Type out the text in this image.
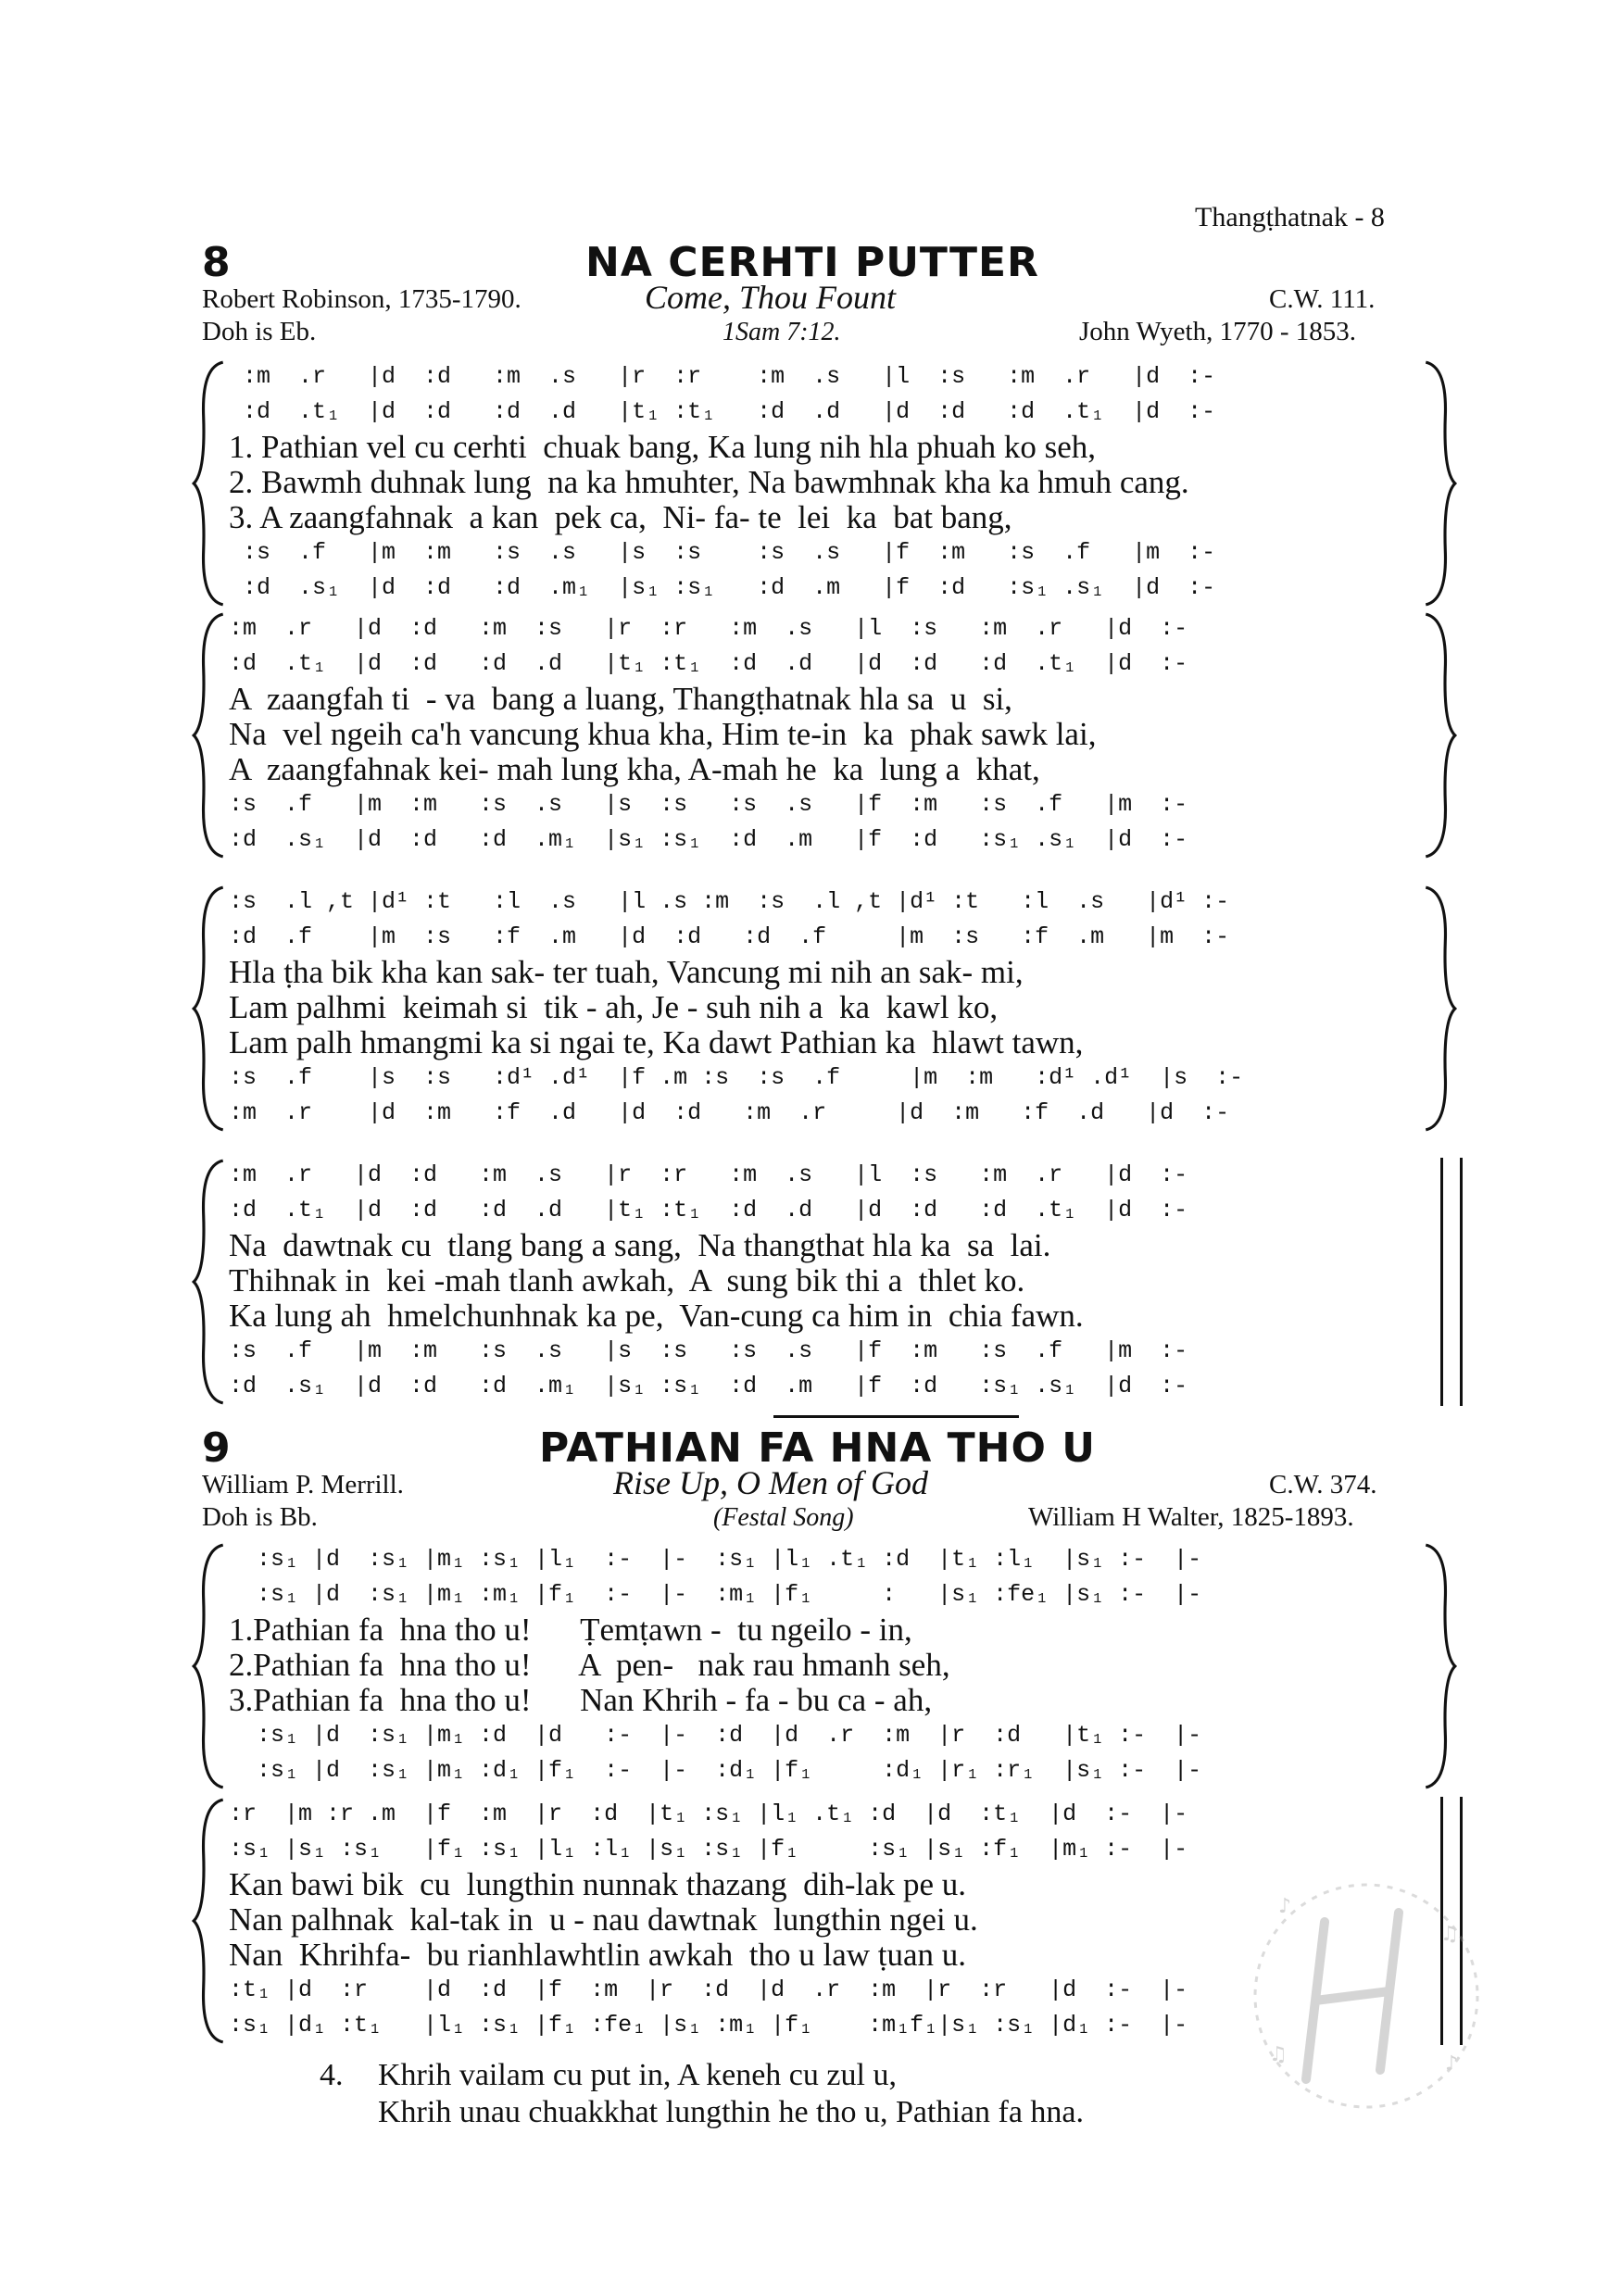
Thangṭhatnak - 8
8	NA CERHTI PUTTER
Robert Robinson, 1735-1790.	Come, Thou Fount	C.W. 111.
Doh is Eb.	1Sam 7:12.	John Wyeth, 1770 - 1853.
:m  .r   |d  :d   :m  .s   |r  :r    :m  .s   |l  :s   :m  .r   |d  :-
:d  .t₁  |d  :d   :d  .d   |t₁ :t₁   :d  .d   |d  :d   :d  .t₁  |d  :-
1. Pathian vel cu cerhti  chuak bang, Ka lung nih hla phuah ko seh,
2. Bawmh duhnak lung  na ka hmuhter, Na bawmhnak kha ka hmuh cang.
3. A zaangfahnak  a kan  pek ca,  Ni- fa- te  lei  ka  bat bang,
:s  .f   |m  :m   :s  .s   |s  :s    :s  .s   |f  :m   :s  .f   |m  :-
:d  .s₁  |d  :d   :d  .m₁  |s₁ :s₁   :d  .m   |f  :d   :s₁ .s₁  |d  :-
:m  .r   |d  :d   :m  :s   |r  :r   :m  .s   |l  :s   :m  .r   |d  :-
:d  .t₁  |d  :d   :d  .d   |t₁ :t₁  :d  .d   |d  :d   :d  .t₁  |d  :-
A  zaangfah ti  - va  bang a luang, Thangṭhatnak hla sa  u  si,
Na  vel ngeih ca'h vancung khua kha, Him te-in  ka  phak sawk lai,
A  zaangfahnak kei- mah lung kha, A-mah he  ka  lung a  khat,
:s  .f   |m  :m   :s  .s   |s  :s   :s  .s   |f  :m   :s  .f   |m  :-
:d  .s₁  |d  :d   :d  .m₁  |s₁ :s₁  :d  .m   |f  :d   :s₁ .s₁  |d  :-
:s  .l ,t |d¹ :t   :l  .s   |l .s :m  :s  .l ,t |d¹ :t   :l  .s   |d¹ :-
:d  .f    |m  :s   :f  .m   |d  :d   :d  .f     |m  :s   :f  .m   |m  :-
Hla ṭha bik kha kan sak- ter tuah, Vancung mi nih an sak- mi,
Lam palhmi  keimah si  tik - ah, Je - suh nih a  ka  kawl ko,
Lam palh hmangmi ka si ngai te, Ka dawt Pathian ka  hlawt tawn,
:s  .f    |s  :s   :d¹ .d¹  |f .m :s  :s  .f     |m  :m   :d¹ .d¹  |s  :-
:m  .r    |d  :m   :f  .d   |d  :d   :m  .r     |d  :m   :f  .d   |d  :-
:m  .r   |d  :d   :m  .s   |r  :r   :m  .s   |l  :s   :m  .r   |d  :-
:d  .t₁  |d  :d   :d  .d   |t₁ :t₁  :d  .d   |d  :d   :d  .t₁  |d  :-
Na  dawtnak cu  tlang bang a sang,  Na thangthat hla ka  sa  lai.
Thihnak in  kei -mah tlanh awkah,  A  sung bik thi a  thlet ko.
Ka lung ah  hmelchunhnak ka pe,  Van-cung ca him in  chia fawn.
:s  .f   |m  :m   :s  .s   |s  :s   :s  .s   |f  :m   :s  .f   |m  :-
:d  .s₁  |d  :d   :d  .m₁  |s₁ :s₁  :d  .m   |f  :d   :s₁ .s₁  |d  :-
9	PATHIAN FA HNA THO U
William P. Merrill.	Rise Up, O Men of God	C.W. 374.
Doh is Bb.	(Festal Song)	William H Walter, 1825-1893.
:s₁ |d  :s₁ |m₁ :s₁ |l₁  :-  |-  :s₁ |l₁ .t₁ :d  |t₁ :l₁  |s₁ :-  |-
:s₁ |d  :s₁ |m₁ :m₁ |f₁  :-  |-  :m₁ |f₁     :   |s₁ :fe₁ |s₁ :-  |-
1.Pathian fa  hna tho u!      Ṭemṭawn -  tu ngeilo - in,
2.Pathian fa  hna tho u!      A  pen-   nak rau hmanh seh,
3.Pathian fa  hna tho u!      Nan Khrih - fa - bu ca - ah,
:s₁ |d  :s₁ |m₁ :d  |d   :-  |-  :d  |d  .r  :m  |r  :d   |t₁ :-  |-
:s₁ |d  :s₁ |m₁ :d₁ |f₁  :-  |-  :d₁ |f₁     :d₁ |r₁ :r₁  |s₁ :-  |-
:r  |m :r .m  |f  :m  |r  :d  |t₁ :s₁ |l₁ .t₁ :d  |d  :t₁  |d  :-  |-
:s₁ |s₁ :s₁   |f₁ :s₁ |l₁ :l₁ |s₁ :s₁ |f₁     :s₁ |s₁ :f₁  |m₁ :-  |-
Kan bawi bik  cu  lungthin nunnak thazang  dih-lak pe u.
Nan palhnak  kal-tak in  u - nau dawtnak  lungthin ngei u.
Nan  Khrihfa-  bu rianhlawhtlin awkah  tho u law ṭuan u.
:t₁ |d  :r    |d  :d  |f  :m  |r  :d  |d  .r  :m  |r  :r   |d  :-  |-
:s₁ |d₁ :t₁   |l₁ :s₁ |f₁ :fe₁ |s₁ :m₁ |f₁    :m₁f₁|s₁ :s₁ |d₁ :-  |-
4. Khrih vailam cu put in, A keneh cu zul u,
Khrih unau chuakkhat lungthin he tho u, Pathian fa hna.
♪
♫
♫	♪
